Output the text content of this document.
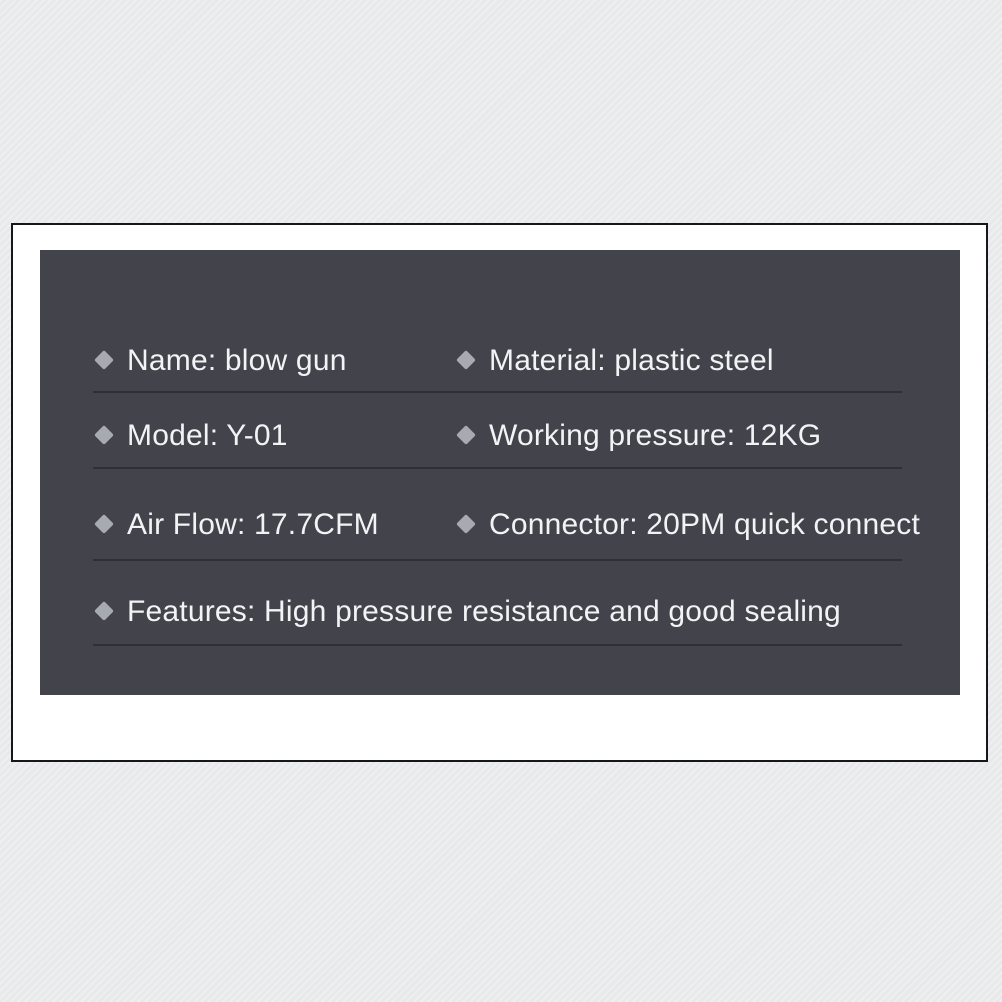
Name: blow gun	Material: plastic steel
Model: Y-01	Working pressure: 12KG
Air Flow: 17.7CFM	Connector: 20PM quick connect
Features: High pressure resistance and good sealing
